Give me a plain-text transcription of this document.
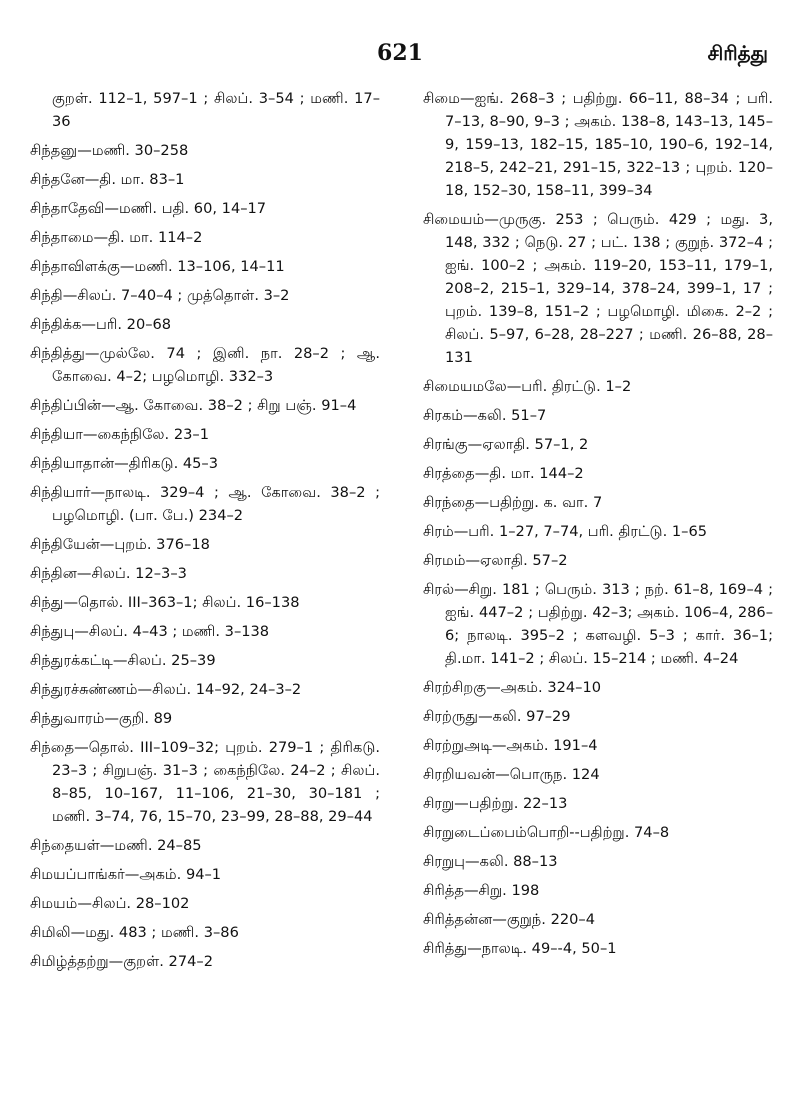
621	சிரித்து

குறள். 112–1, 597–1 ; சிலப். 3–54 ; மணி. 17–36

சிந்தனு—மணி. 30–258

சிந்தனே—தி. மா. 83–1

சிந்தாதேவி—மணி. பதி. 60, 14–17

சிந்தாமை—தி. மா. 114–2

சிந்தாவிளக்கு—மணி. 13–106, 14–11

சிந்தி—சிலப். 7–40–4 ; முத்தொள். 3–2

சிந்திக்க—பரி. 20–68

சிந்தித்து—முல்லே. 74 ; இனி. நா. 28–2 ; ஆ. கோவை. 4–2; பழமொழி. 332–3

சிந்திப்பின்—ஆ. கோவை. 38–2 ; சிறு பஞ். 91–4

சிந்தியா—கைந்நிலே. 23–1

சிந்தியாதான்—திரிகடு. 45–3

சிந்தியார்—நாலடி. 329–4 ; ஆ. கோவை. 38–2 ; பழமொழி. (பா. பே.) 234–2

சிந்தியேன்—புறம். 376–18

சிந்தின—சிலப். 12–3–3

சிந்து—தொல். III–363–1; சிலப். 16–138

சிந்துபு—சிலப். 4–43 ; மணி. 3–138

சிந்துரக்கட்டி—சிலப். 25–39

சிந்துரச்சுண்ணம்—சிலப். 14–92, 24–3–2

சிந்துவாரம்—குறி. 89

சிந்தை—தொல். III–109–32; புறம். 279–1 ; திரிகடு. 23–3 ; சிறுபஞ். 31–3 ; கைந்நிலே. 24–2 ; சிலப். 8–85, 10–167, 11–106, 21–30, 30–181 ; மணி. 3–74, 76, 15–70, 23–99, 28–88, 29–44

சிந்தையள்—மணி. 24–85

சிமயப்பாங்கர்—அகம். 94–1

சிமயம்—சிலப். 28–102

சிமிலி—மது. 483 ; மணி. 3–86

சிமிழ்த்தற்று—குறள். 274–2

சிமை—ஐங். 268–3 ; பதிற்று. 66–11, 88–34 ; பரி. 7–13, 8–90, 9–3 ; அகம். 138–8, 143–13, 145–9, 159–13, 182–15, 185–10, 190–6, 192–14, 218–5, 242–21, 291–15, 322–13 ; புறம். 120–18, 152–30, 158–11, 399–34

சிமையம்—முருகு. 253 ; பெரும். 429 ; மது. 3, 148, 332 ; நெடு. 27 ; பட். 138 ; குறுந். 372–4 ; ஐங். 100–2 ; அகம். 119–20, 153–11, 179–1, 208–2, 215–1, 329–14, 378–24, 399–1, 17 ; புறம். 139–8, 151–2 ; பழமொழி. மிகை. 2–2 ; சிலப். 5–97, 6–28, 28–227 ; மணி. 26–88, 28–131

சிமையமலே—பரி. திரட்டு. 1–2

சிரகம்—கலி. 51–7

சிரங்கு—ஏலாதி. 57–1, 2

சிரத்தை—தி. மா. 144–2

சிரந்தை—பதிற்று. க. வா. 7

சிரம்—பரி. 1–27, 7–74, பரி. திரட்டு. 1–65

சிரமம்—ஏலாதி. 57–2

சிரல்—சிறு. 181 ; பெரும். 313 ; நற். 61–8, 169–4 ; ஐங். 447–2 ; பதிற்று. 42–3; அகம். 106–4, 286–6; நாலடி. 395–2 ; களவழி. 5–3 ; கார். 36–1; தி.மா. 141–2 ; சிலப். 15–214 ; மணி. 4–24

சிரற்சிறகு—அகம். 324–10

சிரற்ருது—கலி. 97–29

சிரற்றுஅடி—அகம். 191–4

சிரறியவன்—பொருந. 124

சிரறு—பதிற்று. 22–13

சிரறுடைப்பைம்பொறி--பதிற்று. 74–8

சிரறுபு—கலி. 88–13

சிரித்த—சிறு. 198

சிரித்தன்ன—குறுந். 220–4

சிரித்து—நாலடி. 49–-4, 50–1
